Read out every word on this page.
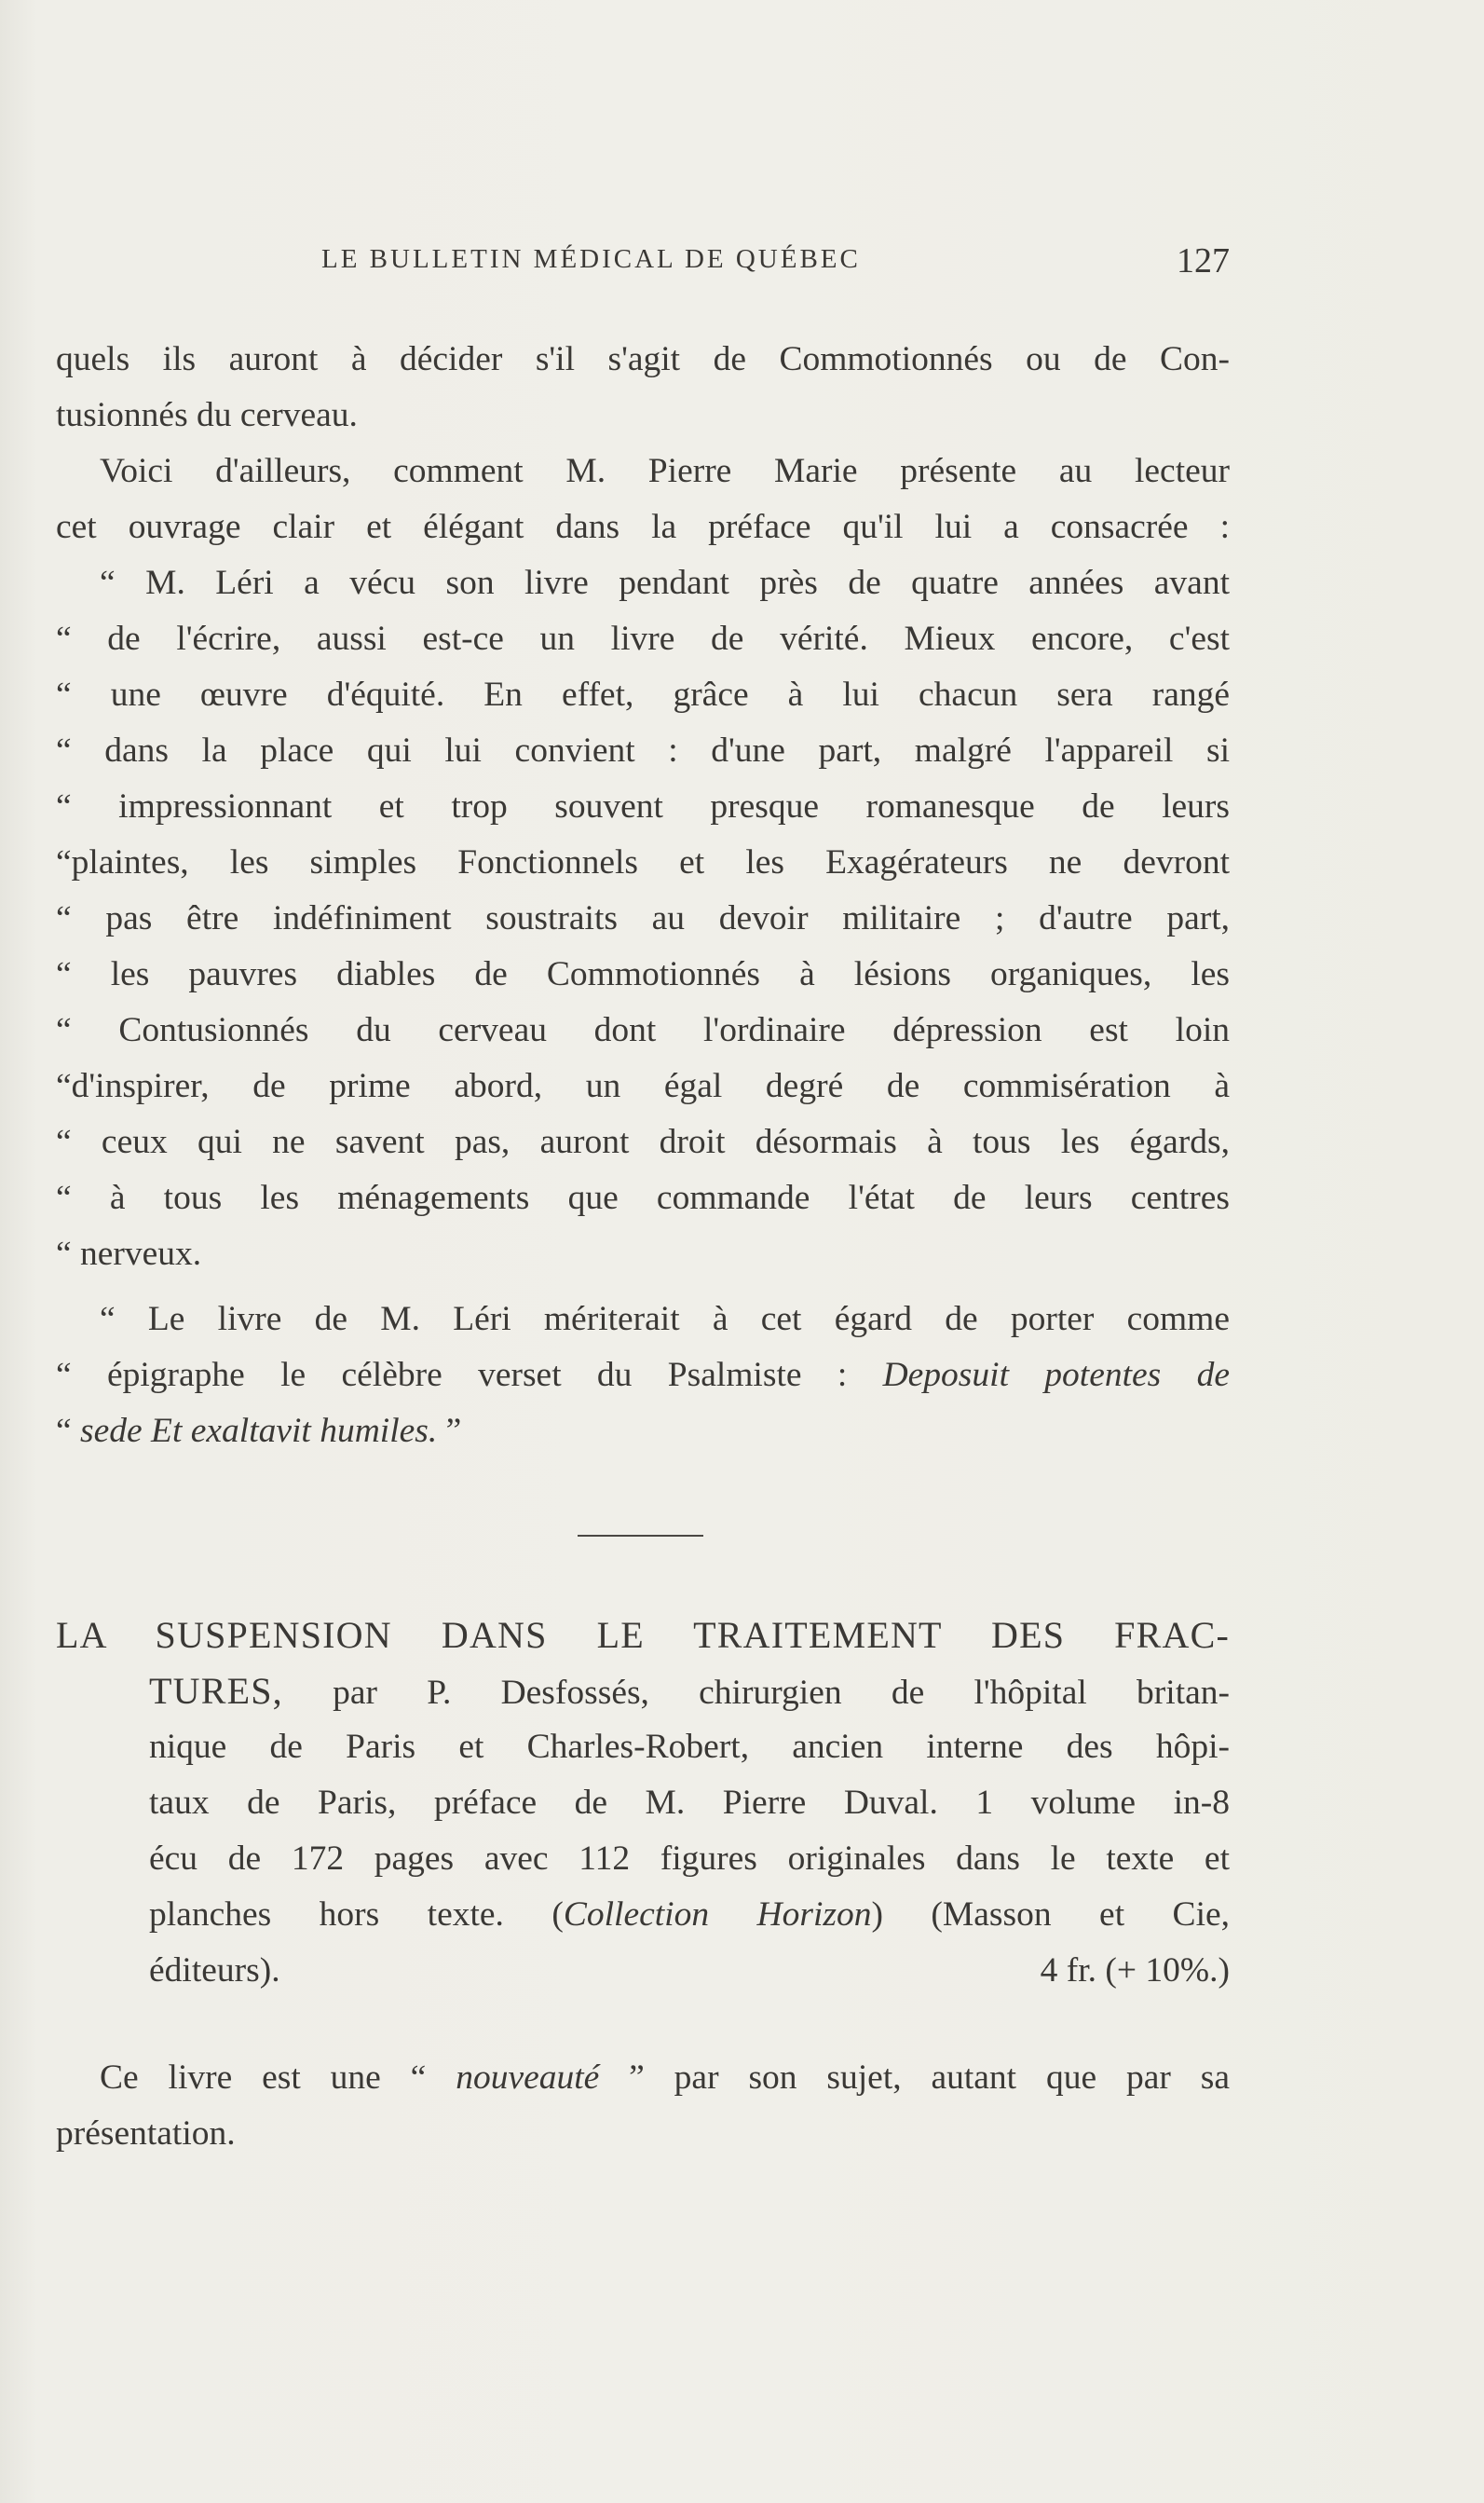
LE BULLETIN MÉDICAL DE QUÉBEC	127
quels ils auront à décider s'il s'agit de Commotionnés ou de Con-
tusionnés du cerveau.
Voici d'ailleurs, comment M. Pierre Marie présente au lecteur
cet ouvrage clair et élégant dans la préface qu'il lui a consacrée :
“ M. Léri a vécu son livre pendant près de quatre années avant
“ de l'écrire, aussi est-ce un livre de vérité. Mieux encore, c'est
“ une œuvre d'équité. En effet, grâce à lui chacun sera rangé
“ dans la place qui lui convient : d'une part, malgré l'appareil si
“ impressionnant et trop souvent presque romanesque de leurs
“plaintes, les simples Fonctionnels et les Exagérateurs ne devront
“ pas être indéfiniment soustraits au devoir militaire ; d'autre part,
“ les pauvres diables de Commotionnés à lésions organiques, les
“ Contusionnés du cerveau dont l'ordinaire dépression est loin
“d'inspirer, de prime abord, un égal degré de commisération à
“ ceux qui ne savent pas, auront droit désormais à tous les égards,
“ à tous les ménagements que commande l'état de leurs centres
“ nerveux.
“ Le livre de M. Léri mériterait à cet égard de porter comme
“ épigraphe le célèbre verset du Psalmiste : Deposuit potentes de
“ sede Et exaltavit humiles. ”
LA SUSPENSION DANS LE TRAITEMENT DES FRAC-
TURES, par P. Desfossés, chirurgien de l'hôpital britan-
nique de Paris et Charles-Robert, ancien interne des hôpi-
taux de Paris, préface de M. Pierre Duval. 1 volume in-8
écu de 172 pages avec 112 figures originales dans le texte et
planches hors texte. (Collection Horizon) (Masson et Cie,
éditeurs).	4 fr. (+ 10%.)
Ce livre est une “ nouveauté ” par son sujet, autant que par sa
présentation.
